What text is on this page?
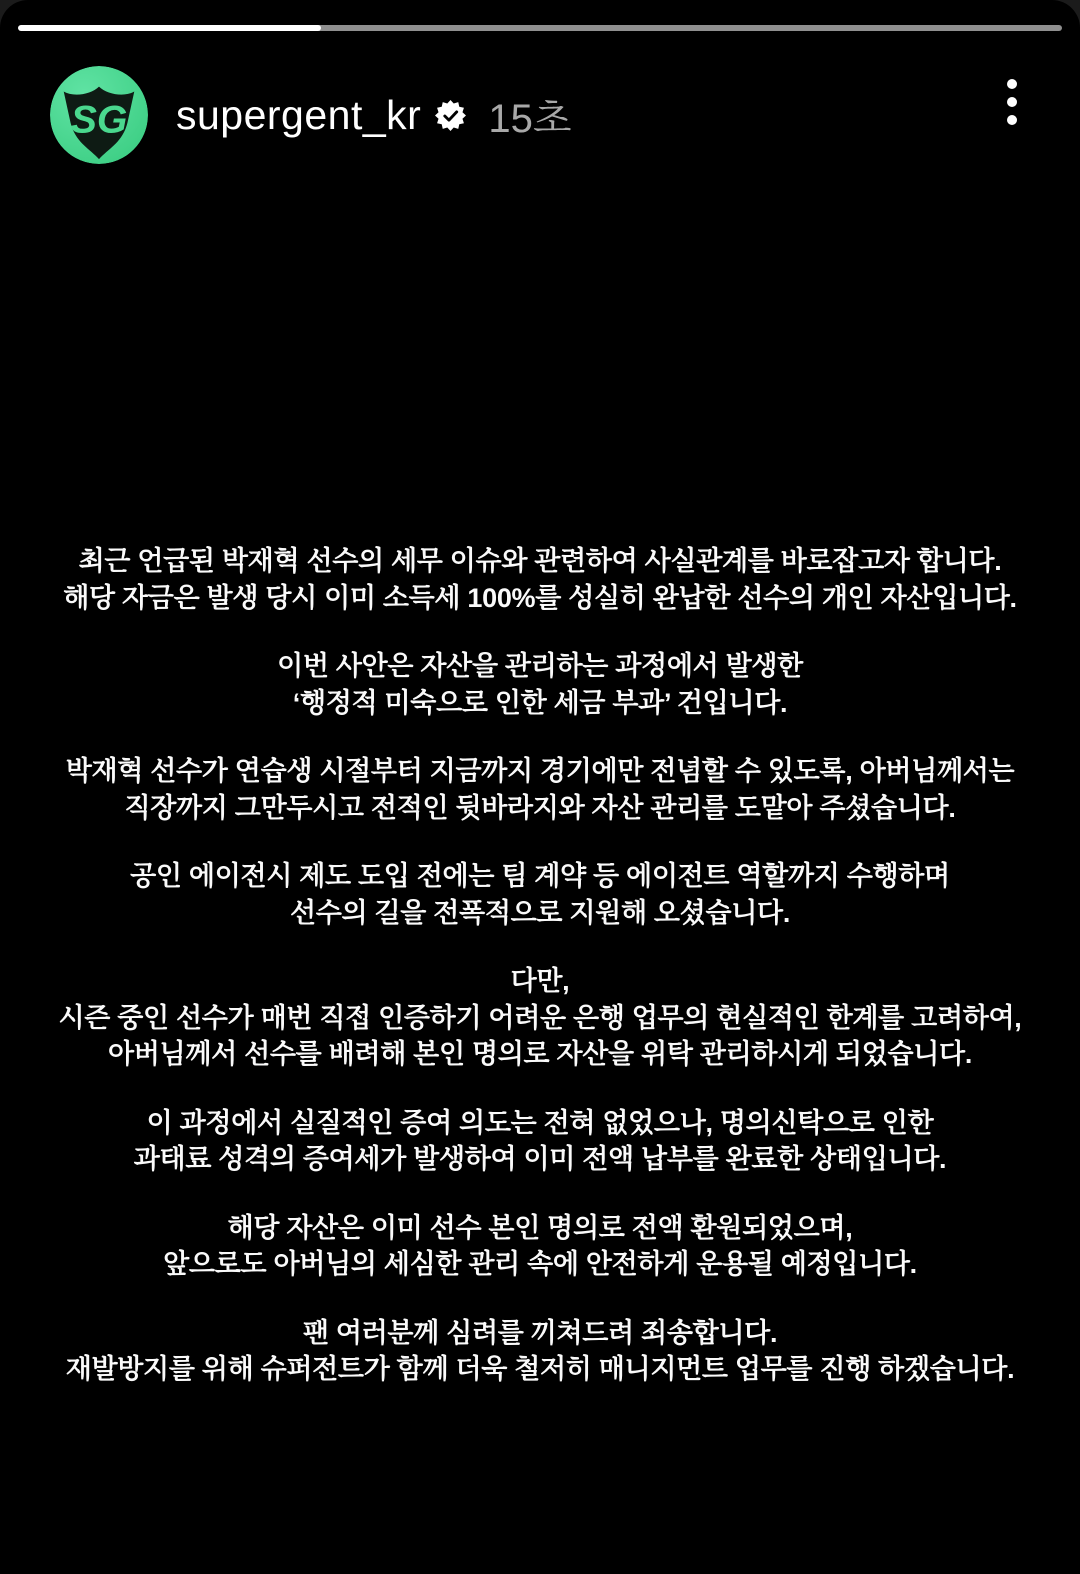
SG supergent_kr 15초
최근 언급된 박재혁 선수의 세무 이슈와 관련하여 사실관계를 바로잡고자 합니다.
해당 자금은 발생 당시 이미 소득세 100%를 성실히 완납한 선수의 개인 자산입니다.
이번 사안은 자산을 관리하는 과정에서 발생한
‘행정적 미숙으로 인한 세금 부과’ 건입니다.
박재혁 선수가 연습생 시절부터 지금까지 경기에만 전념할 수 있도록, 아버님께서는
직장까지 그만두시고 전적인 뒷바라지와 자산 관리를 도맡아 주셨습니다.
공인 에이전시 제도 도입 전에는 팀 계약 등 에이전트 역할까지 수행하며
선수의 길을 전폭적으로 지원해 오셨습니다.
다만,
시즌 중인 선수가 매번 직접 인증하기 어려운 은행 업무의 현실적인 한계를 고려하여,
아버님께서 선수를 배려해 본인 명의로 자산을 위탁 관리하시게 되었습니다.
이 과정에서 실질적인 증여 의도는 전혀 없었으나, 명의신탁으로 인한
과태료 성격의 증여세가 발생하여 이미 전액 납부를 완료한 상태입니다.
해당 자산은 이미 선수 본인 명의로 전액 환원되었으며,
앞으로도 아버님의 세심한 관리 속에 안전하게 운용될 예정입니다.
팬 여러분께 심려를 끼쳐드려 죄송합니다.
재발방지를 위해 슈퍼전트가 함께 더욱 철저히 매니지먼트 업무를 진행 하겠습니다.
